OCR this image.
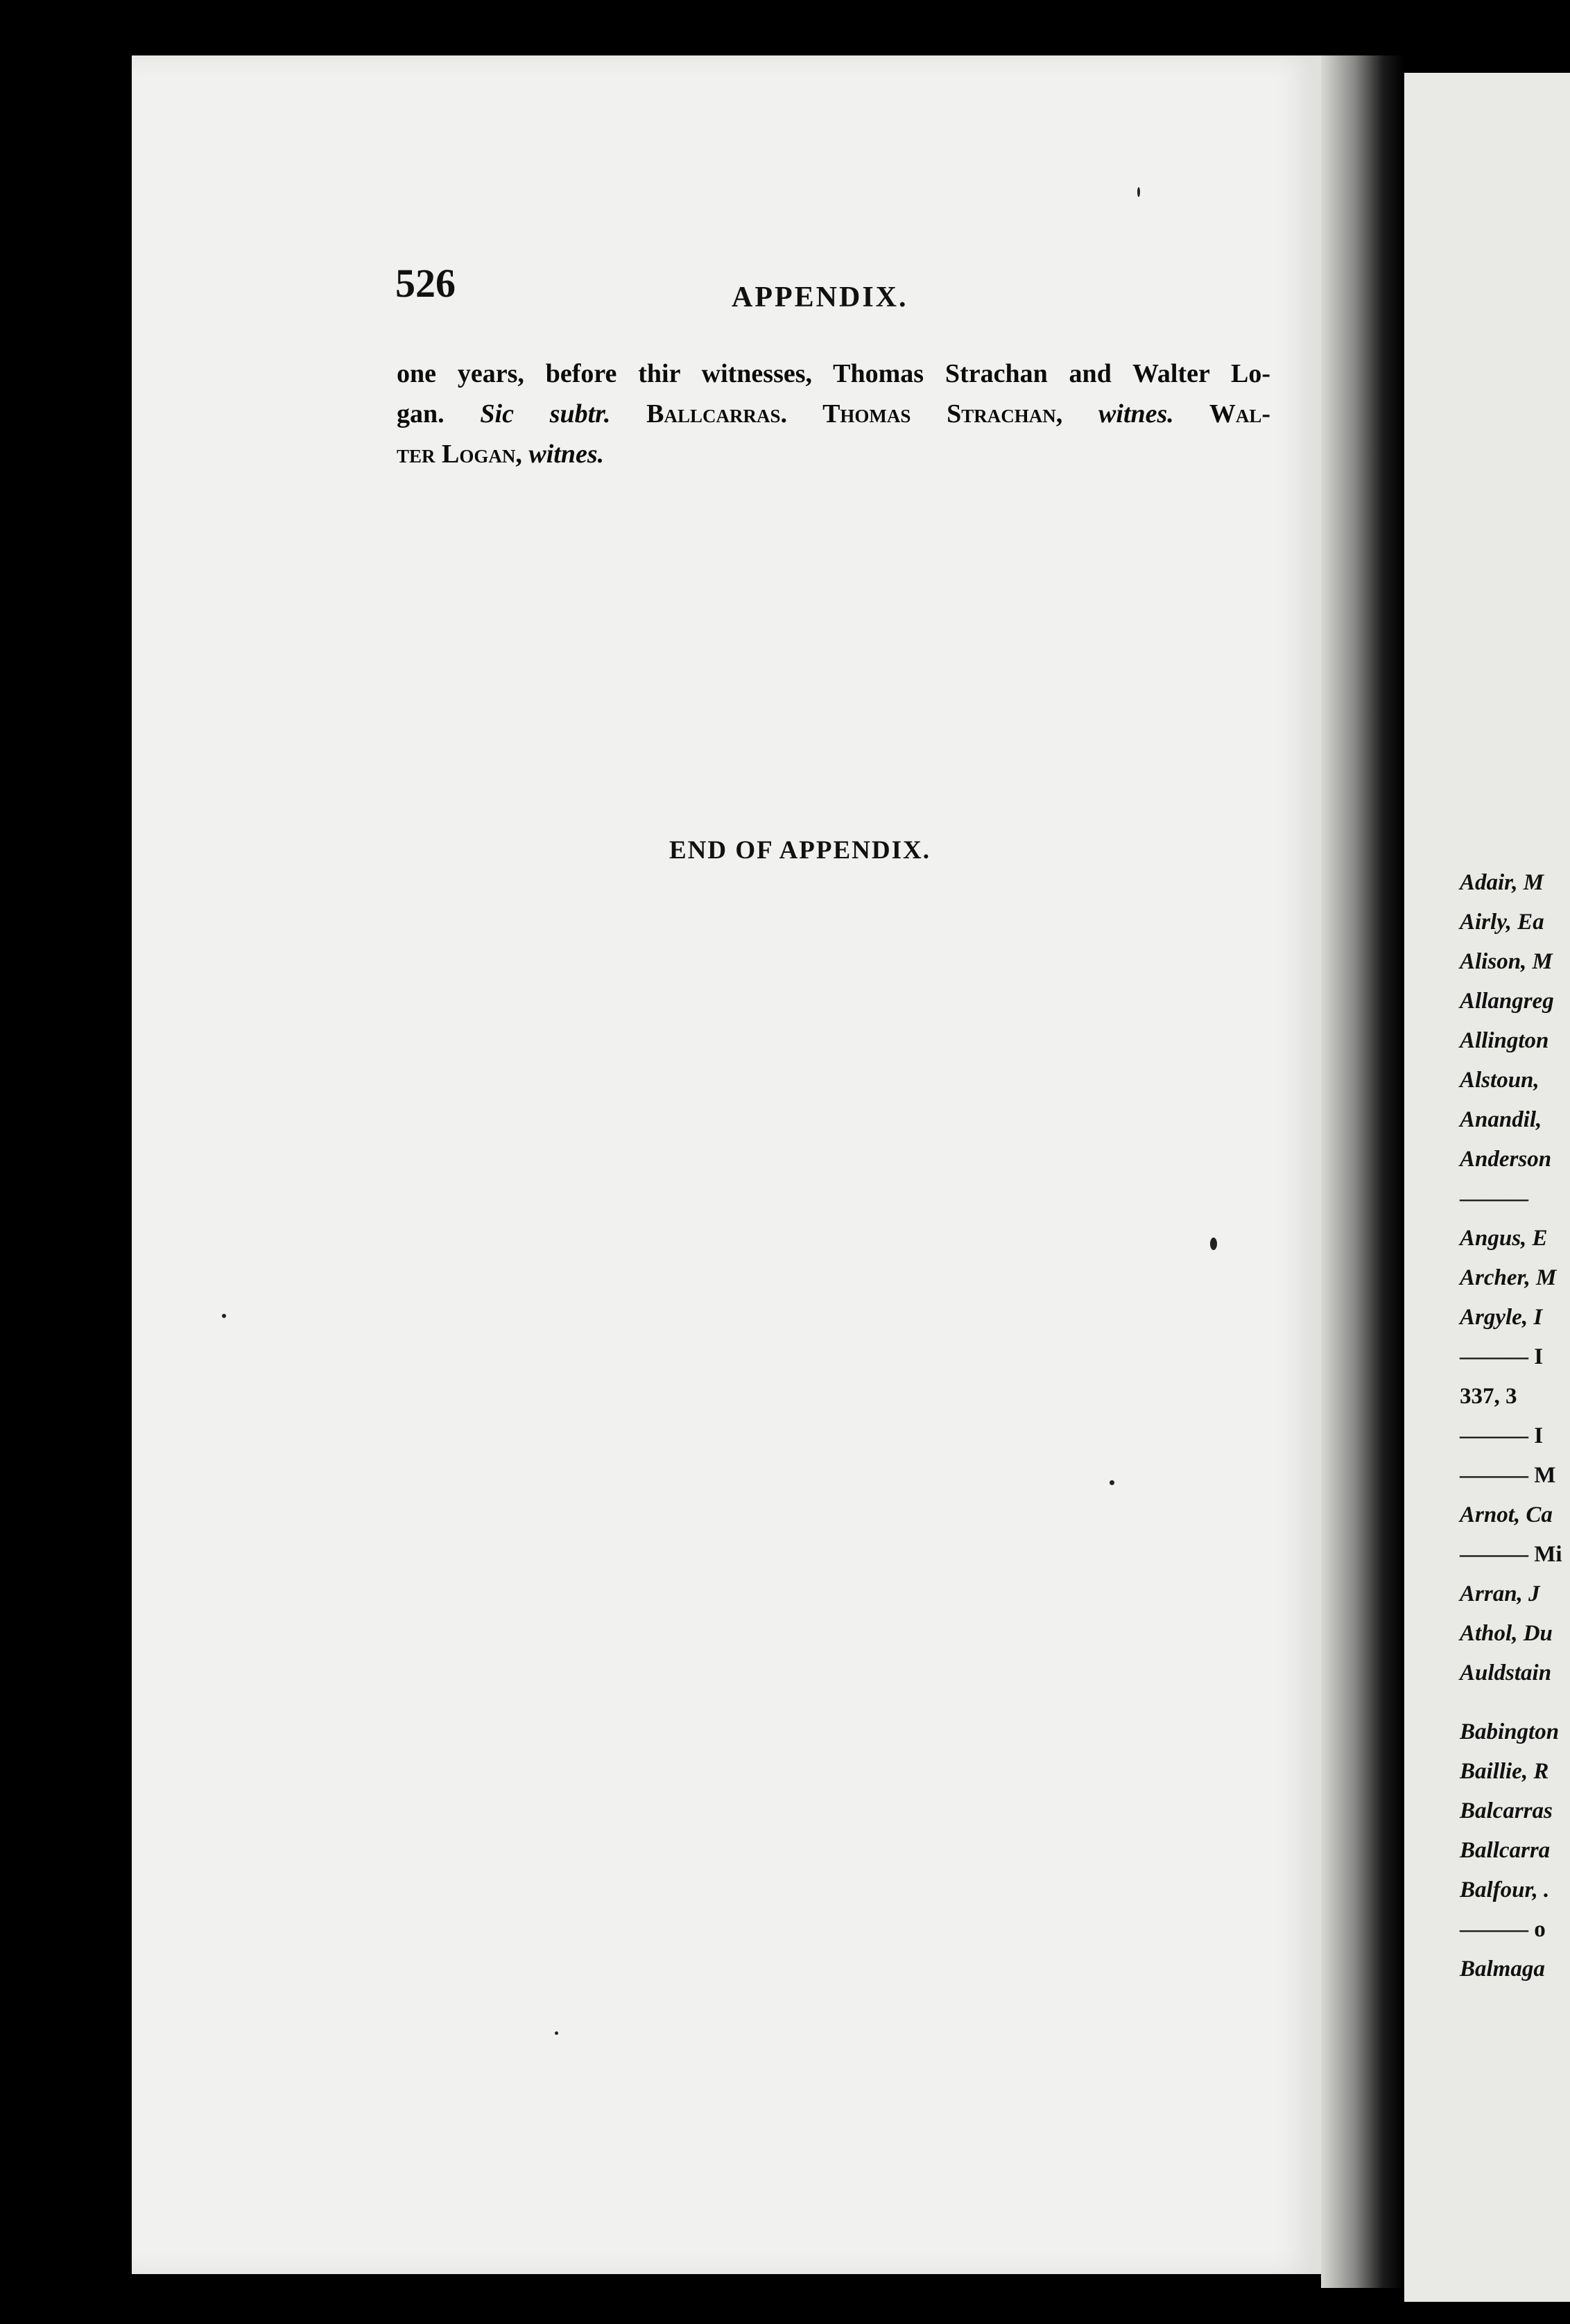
526	APPENDIX.
one years, before thir witnesses, Thomas Strachan and Walter Lo-
gan. Sic subtr. Ballcarras. Thomas Strachan, witnes. Wal-
ter Logan, witnes.
END OF APPENDIX.
Adair, M
Airly, Ea
Alison, M
Allangreg
Allington
Alstoun,
Anandil,
Anderson
———
Angus, E
Archer, M
Argyle, I
——— I
337, 3
——— I
——— M
Arnot, Ca
——— Mi
Arran, J
Athol, Du
Auldstain
Babington
Baillie, R
Balcarras
Ballcarra
Balfour, .
——— o
Balmaga
